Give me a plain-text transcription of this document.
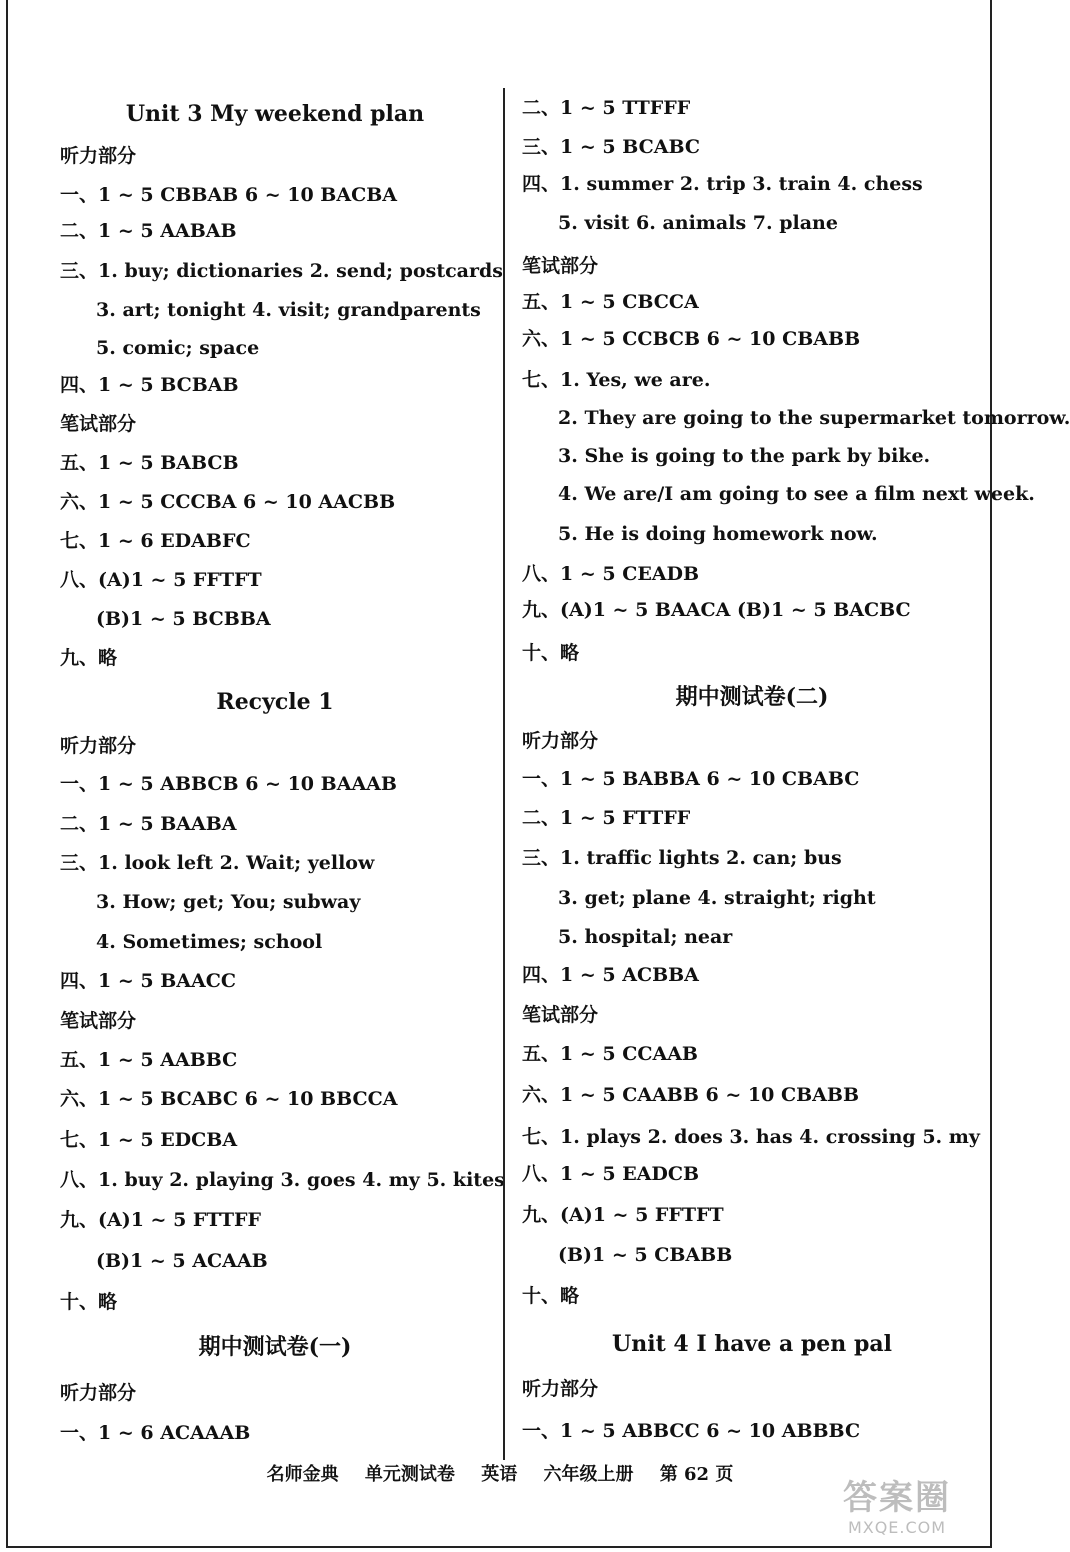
Unit 3 My weekend plan
听力部分
一、1 ~ 5 CBBAB 6 ~ 10 BACBA
二、1 ~ 5 AABAB
三、1. buy; dictionaries 2. send; postcards
3. art; tonight 4. visit; grandparents
5. comic; space
四、1 ~ 5 BCBAB
笔试部分
五、1 ~ 5 BABCB
六、1 ~ 5 CCCBA 6 ~ 10 AACBB
七、1 ~ 6 EDABFC
八、(A)1 ~ 5 FFTFT
(B)1 ~ 5 BCBBA
九、略
Recycle 1
听力部分
一、1 ~ 5 ABBCB 6 ~ 10 BAAAB
二、1 ~ 5 BAABA
三、1. look left 2. Wait; yellow
3. How; get; You; subway
4. Sometimes; school
四、1 ~ 5 BAACC
笔试部分
五、1 ~ 5 AABBC
六、1 ~ 5 BCABC 6 ~ 10 BBCCA
七、1 ~ 5 EDCBA
八、1. buy 2. playing 3. goes 4. my 5. kites
九、(A)1 ~ 5 FTTFF
(B)1 ~ 5 ACAAB
十、略
期中测试卷(一)
听力部分
一、1 ~ 6 ACAAAB
二、1 ~ 5 TTFFF
三、1 ~ 5 BCABC
四、1. summer 2. trip 3. train 4. chess
5. visit 6. animals 7. plane
笔试部分
五、1 ~ 5 CBCCA
六、1 ~ 5 CCBCB 6 ~ 10 CBABB
七、1. Yes, we are.
2. They are going to the supermarket tomorrow.
3. She is going to the park by bike.
4. We are/I am going to see a film next week.
5. He is doing homework now.
八、1 ~ 5 CEADB
九、(A)1 ~ 5 BAACA (B)1 ~ 5 BACBC
十、略
期中测试卷(二)
听力部分
一、1 ~ 5 BABBA 6 ~ 10 CBABC
二、1 ~ 5 FTTFF
三、1. traffic lights 2. can; bus
3. get; plane 4. straight; right
5. hospital; near
四、1 ~ 5 ACBBA
笔试部分
五、1 ~ 5 CCAAB
六、1 ~ 5 CAABB 6 ~ 10 CBABB
七、1. plays 2. does 3. has 4. crossing 5. my
八、1 ~ 5 EADCB
九、(A)1 ~ 5 FFTFT
(B)1 ~ 5 CBABB
十、略
Unit 4 I have a pen pal
听力部分
一、1 ~ 5 ABBCC 6 ~ 10 ABBBC
名师金典 单元测试卷 英语 六年级上册 第 62 页
答案圈
MXQE.COM
